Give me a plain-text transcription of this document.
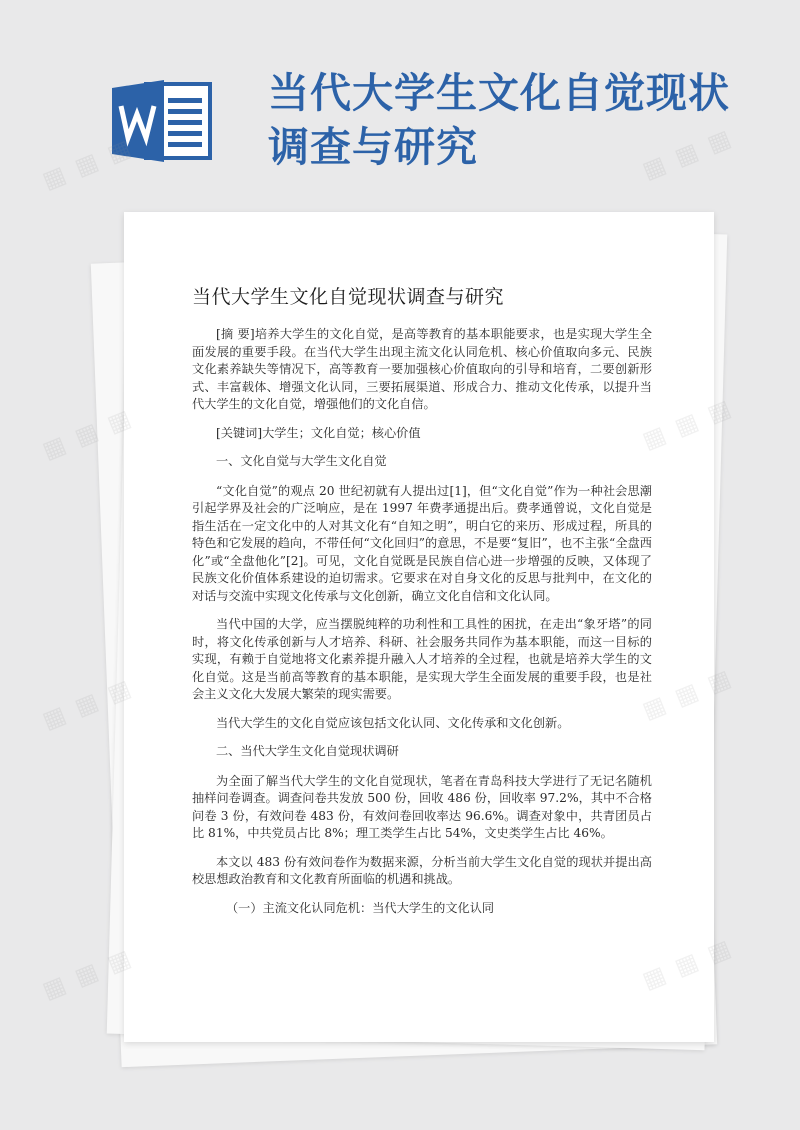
当代大学生文化自觉现状调查与研究
当代大学生文化自觉现状调查与研究

[摘 要]培养大学生的文化自觉，是高等教育的基本职能要求，也是实现大学生全面发展的重要手段。在当代大学生出现主流文化认同危机、核心价值取向多元、民族文化素养缺失等情况下，高等教育一要加强核心价值取向的引导和培育，二要创新形式、丰富载体、增强文化认同，三要拓展渠道、形成合力、推动文化传承，以提升当代大学生的文化自觉，增强他们的文化自信。

[关键词]大学生；文化自觉；核心价值

一、文化自觉与大学生文化自觉

“文化自觉”的观点 20 世纪初就有人提出过[1]，但“文化自觉”作为一种社会思潮引起学界及社会的广泛响应，是在 1997 年费孝通提出后。费孝通曾说，文化自觉是指生活在一定文化中的人对其文化有“自知之明”，明白它的来历、形成过程，所具的特色和它发展的趋向，不带任何“文化回归”的意思，不是要“复旧”，也不主张“全盘西化”或“全盘他化”[2]。可见，文化自觉既是民族自信心进一步增强的反映，又体现了民族文化价值体系建设的迫切需求。它要求在对自身文化的反思与批判中，在文化的对话与交流中实现文化传承与文化创新，确立文化自信和文化认同。

当代中国的大学，应当摆脱纯粹的功利性和工具性的困扰，在走出“象牙塔”的同时，将文化传承创新与人才培养、科研、社会服务共同作为基本职能，而这一目标的实现，有赖于自觉地将文化素养提升融入人才培养的全过程，也就是培养大学生的文化自觉。这是当前高等教育的基本职能，是实现大学生全面发展的重要手段，也是社会主义文化大发展大繁荣的现实需要。

当代大学生的文化自觉应该包括文化认同、文化传承和文化创新。

二、当代大学生文化自觉现状调研

为全面了解当代大学生的文化自觉现状，笔者在青岛科技大学进行了无记名随机抽样问卷调查。调查问卷共发放 500 份，回收 486 份，回收率 97.2%，其中不合格问卷 3 份，有效问卷 483 份，有效问卷回收率达 96.6%。调查对象中，共青团员占比 81%，中共党员占比 8%；理工类学生占比 54%，文史类学生占比 46%。

本文以 483 份有效问卷作为数据来源，分析当前大学生文化自觉的现状并提出高校思想政治教育和文化教育所面临的机遇和挑战。

（一）主流文化认同危机：当代大学生的文化认同

▦ ▦ ▦	▦ ▦ ▦
▦ ▦ ▦
▦ ▦ ▦	▦
▦ ▦ ▦	▦
